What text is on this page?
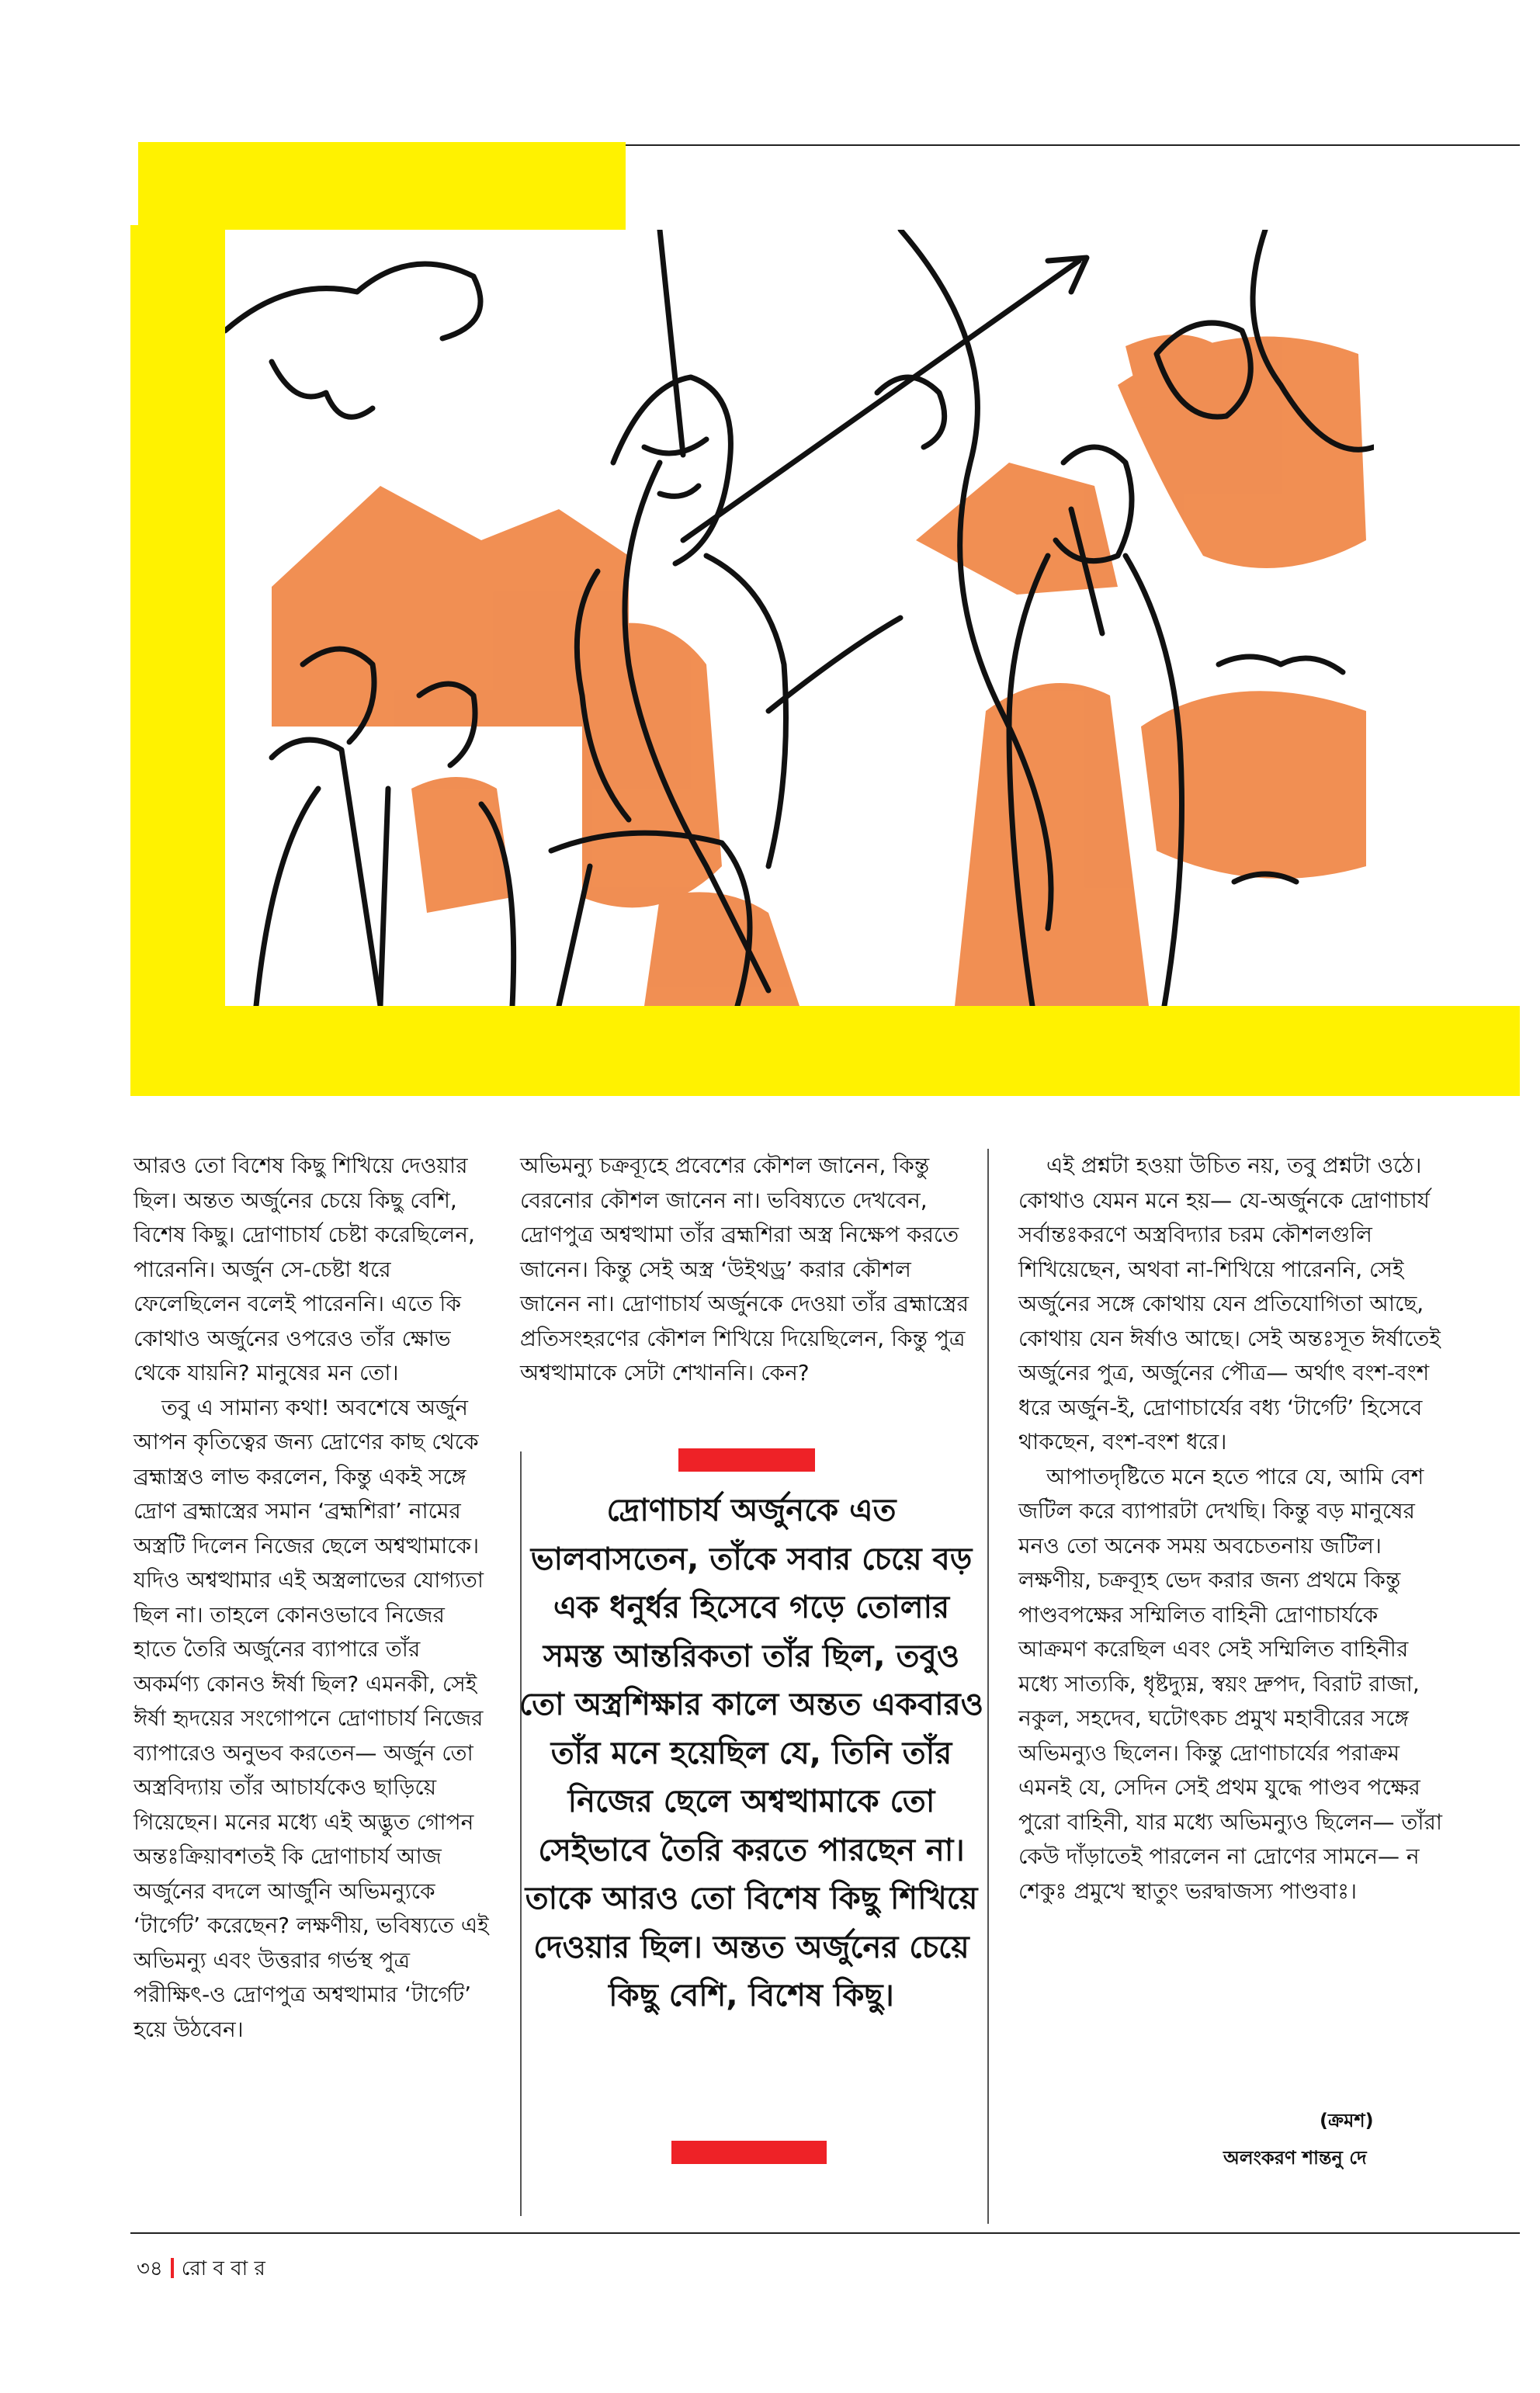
আরও তো বিশেষ কিছু শিখিয়ে দেওয়ার ছিল। অন্তত অর্জুনের চেয়ে কিছু বেশি, বিশেষ কিছু। দ্রোণাচার্য চেষ্টা করেছিলেন, পারেননি। অর্জুন সে-চেষ্টা ধরে ফেলেছিলেন বলেই পারেননি। এতে কি কোথাও অর্জুনের ওপরেও তাঁর ক্ষোভ থেকে যায়নি? মানুষের মন তো।

তবু এ সামান্য কথা! অবশেষে অর্জুন আপন কৃতিত্বের জন্য দ্রোণের কাছ থেকে ব্রহ্মাস্ত্রও লাভ করলেন, কিন্তু একই সঙ্গে দ্রোণ ব্রহ্মাস্ত্রের সমান ‘ব্রহ্মশিরা’ নামের অস্ত্রটি দিলেন নিজের ছেলে অশ্বত্থামাকে। যদিও অশ্বত্থামার এই অস্ত্রলাভের যোগ্যতা ছিল না। তাহলে কোনওভাবে নিজের হাতে তৈরি অর্জুনের ব্যাপারে তাঁর অকর্মণ্য কোনও ঈর্ষা ছিল? এমনকী, সেই ঈর্ষা হৃদয়ের সংগোপনে দ্রোণাচার্য নিজের ব্যাপারেও অনুভব করতেন— অর্জুন তো অস্ত্রবিদ্যায় তাঁর আচার্যকেও ছাড়িয়ে গিয়েছেন। মনের মধ্যে এই অদ্ভুত গোপন অন্তঃক্রিয়াবশতই কি দ্রোণাচার্য আজ অর্জুনের বদলে আর্জুনি অভিমন্যুকে ‘টার্গেট’ করেছেন? লক্ষণীয়, ভবিষ্যতে এই অভিমন্যু এবং উত্তরার গর্ভস্থ পুত্র পরীক্ষিৎ-ও দ্রোণপুত্র অশ্বত্থামার ‘টার্গেট’ হয়ে উঠবেন।

অভিমন্যু চক্রব্যূহে প্রবেশের কৌশল জানেন, কিন্তু বেরনোর কৌশল জানেন না। ভবিষ্যতে দেখবেন, দ্রোণপুত্র অশ্বত্থামা তাঁর ব্রহ্মশিরা অস্ত্র নিক্ষেপ করতে জানেন। কিন্তু সেই অস্ত্র ‘উইথড্র’ করার কৌশল জানেন না। দ্রোণাচার্য অর্জুনকে দেওয়া তাঁর ব্রহ্মাস্ত্রের প্রতিসংহরণের কৌশল শিখিয়ে দিয়েছিলেন, কিন্তু পুত্র অশ্বত্থামাকে সেটা শেখাননি। কেন?

এই প্রশ্নটা হওয়া উচিত নয়, তবু প্রশ্নটা ওঠে। কোথাও যেমন মনে হয়— যে-অর্জুনকে দ্রোণাচার্য সর্বান্তঃকরণে অস্ত্রবিদ্যার চরম কৌশলগুলি শিখিয়েছেন, অথবা না-শিখিয়ে পারেননি, সেই অর্জুনের সঙ্গে কোথায় যেন প্রতিযোগিতা আছে, কোথায় যেন ঈর্ষাও আছে। সেই অন্তঃসূত ঈর্ষাতেই অর্জুনের পুত্র, অর্জুনের পৌত্র— অর্থাৎ বংশ-বংশ ধরে অর্জুন-ই, দ্রোণাচার্যের বধ্য ‘টার্গেট’ হিসেবে থাকছেন, বংশ-বংশ ধরে।

আপাতদৃষ্টিতে মনে হতে পারে যে, আমি বেশ জটিল করে ব্যাপারটা দেখছি। কিন্তু বড় মানুষের মনও তো অনেক সময় অবচেতনায় জটিল। লক্ষণীয়, চক্রব্যূহ ভেদ করার জন্য প্রথমে কিন্তু পাণ্ডবপক্ষের সম্মিলিত বাহিনী দ্রোণাচার্যকে আক্রমণ করেছিল এবং সেই সম্মিলিত বাহিনীর মধ্যে সাত্যকি, ধৃষ্টদ্যুম্ন, স্বয়ং দ্রুপদ, বিরাট রাজা, নকুল, সহদেব, ঘটোৎকচ প্রমুখ মহাবীরের সঙ্গে অভিমন্যুও ছিলেন। কিন্তু দ্রোণাচার্যের পরাক্রম এমনই যে, সেদিন সেই প্রথম যুদ্ধে পাণ্ডব পক্ষের পুরো বাহিনী, যার মধ্যে অভিমন্যুও ছিলেন— তাঁরা কেউ দাঁড়াতেই পারলেন না দ্রোণের সামনে— ন শেকুঃ প্রমুখে স্থাতুং ভরদ্বাজস্য পাণ্ডবাঃ।

দ্রোণাচার্য অর্জুনকে এত ভালবাসতেন, তাঁকে সবার চেয়ে বড় এক ধনুর্ধর হিসেবে গড়ে তোলার সমস্ত আন্তরিকতা তাঁর ছিল, তবুও তো অস্ত্রশিক্ষার কালে অন্তত একবারও তাঁর মনে হয়েছিল যে, তিনি তাঁর নিজের ছেলে অশ্বত্থামাকে তো সেইভাবে তৈরি করতে পারছেন না। তাকে আরও তো বিশেষ কিছু শিখিয়ে দেওয়ার ছিল। অন্তত অর্জুনের চেয়ে কিছু বেশি, বিশেষ কিছু।

(ক্রমশ)
অলংকরণ শান্তনু দে
৩৪ রো ব বা র
